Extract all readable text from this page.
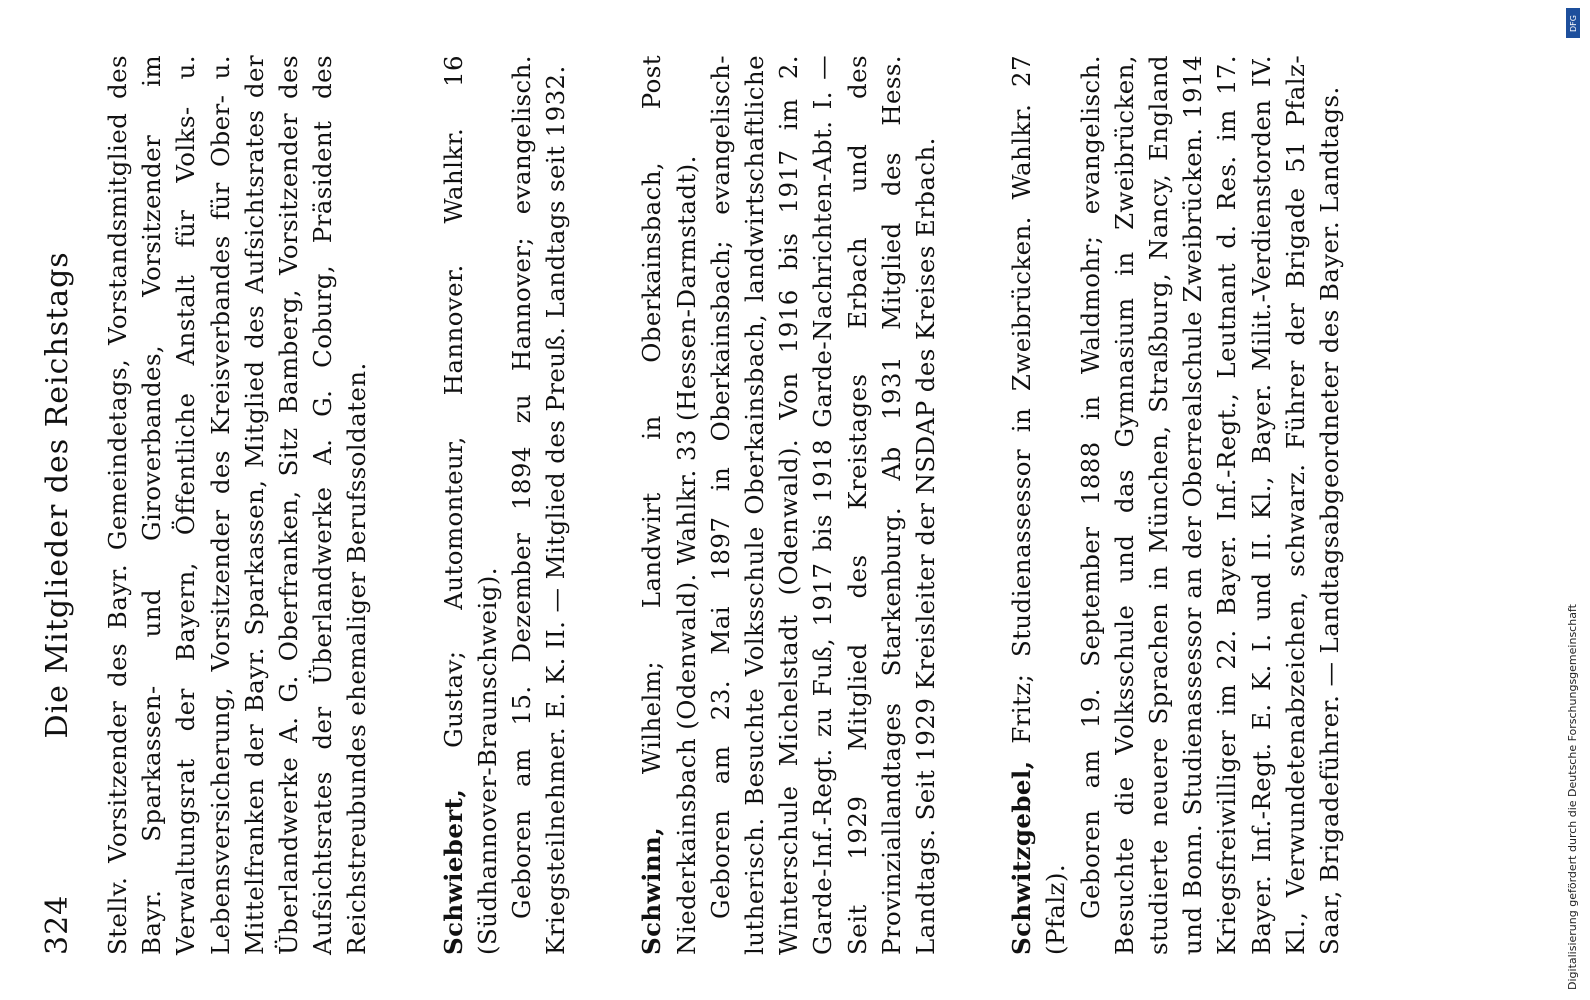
324
Die Mitglieder des Reichstags Stellv. Vorsitzender des Bayr. Gemeindetags, Vorstandsmitglied des Bayr. Sparkassen- und Giroverbandes, Vorsitzender im Verwaltungsrat der Bayern, Öffentliche Anstalt für Volks- u. Lebensversicherung, Vorsitzender des Kreisverbandes für Ober- u. Mittelfranken der Bayr. Sparkassen, Mitglied des Aufsichtsrates der Überlandwerke A. G. Oberfranken, Sitz Bamberg, Vorsitzender des Aufsichtsrates der Überlandwerke A. G. Coburg, Präsident des Reichstreubundes ehemaliger Berufssoldaten.	Schwiebert, Gustav; Automonteur, Hannover. Wahlkr. 16 (Südhannover-Braunschweig). Geboren am 15. Dezember 1894 zu Hannover; evangelisch. Kriegsteilnehmer. E. K. II. — Mitglied des Preuß. Landtags seit 1932.	Schwinn, Wilhelm; Landwirt in Oberkainsbach, Post Niederkainsbach (Odenwald). Wahlkr. 33 (Hessen-Darmstadt). Geboren am 23. Mai 1897 in Oberkainsbach; evangelisch-lutherisch. Besuchte Volksschule Oberkainsbach, landwirtschaftliche Winterschule Michelstadt (Odenwald). Von 1916 bis 1917 im 2. Garde-Inf.-Regt. zu Fuß, 1917 bis 1918 Garde-Nachrichten-Abt. I. — Seit 1929 Mitglied des Kreistages Erbach und des Provinziallandtages Starkenburg. Ab 1931 Mitglied des Hess. Landtags. Seit 1929 Kreisleiter der NSDAP des Kreises Erbach.	Schwitzgebel, Fritz; Studienassessor in Zweibrücken. Wahlkr. 27 (Pfalz). Geboren am 19. September 1888 in Waldmohr; evangelisch. Besuchte die Volksschule und das Gymnasium in Zweibrücken, studierte neuere Sprachen in München, Straßburg, Nancy, England und Bonn. Studienassessor an der Oberrealschule Zweibrücken. 1914 Kriegsfreiwilliger im 22. Bayer. Inf.-Regt., Leutnant d. Res. im 17. Bayer. Inf.-Regt. E. K. I. und II. Kl., Bayer. Milit.-Verdienstorden IV. Kl., Verwundetenabzeichen, schwarz. Führer der Brigade 51 Pfalz-Saar, Brigadeführer. — Landtagsabgeordneter des Bayer. Landtags.

DFG
Digitalisierung gefördert durch die Deutsche Forschungsgemeinschaft
